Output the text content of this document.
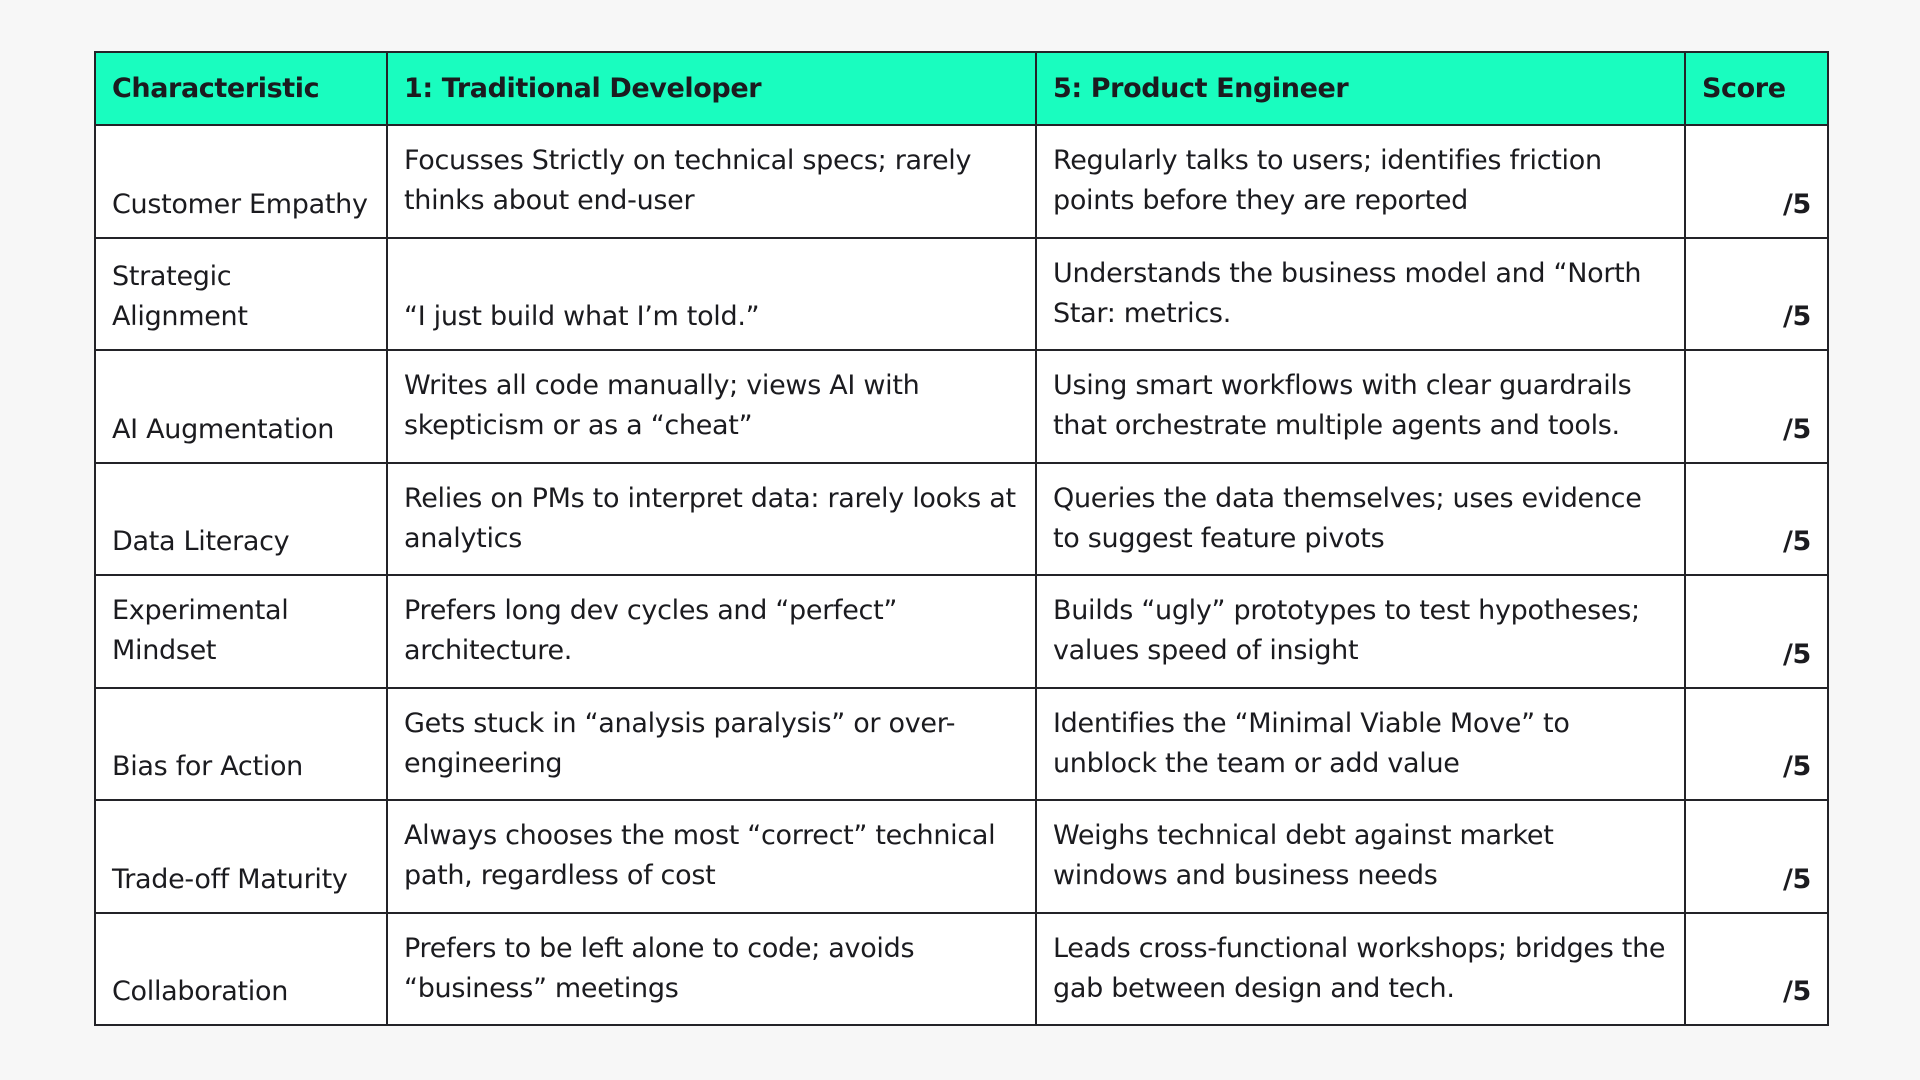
Characteristic	1: Traditional Developer	5: Product Engineer	Score
Customer Empathy	Focusses Strictly on technical specs; rarely thinks about end-user	Regularly talks to users; identifies friction points before they are reported	/5
Strategic Alignment	“I just build what I’m told.”	Understands the business model and “North Star: metrics.	/5
AI Augmentation	Writes all code manually; views AI with skepticism or as a “cheat”	Using smart workflows with clear guardrails that orchestrate multiple agents and tools.	/5
Data Literacy	Relies on PMs to interpret data: rarely looks at analytics	Queries the data themselves; uses evidence to suggest feature pivots	/5
Experimental Mindset	Prefers long dev cycles and “perfect” architecture.	Builds “ugly” prototypes to test hypotheses; values speed of insight	/5
Bias for Action	Gets stuck in “analysis paralysis” or over-engineering	Identifies the “Minimal Viable Move” to unblock the team or add value	/5
Trade-off Maturity	Always chooses the most “correct” technical path, regardless of cost	Weighs technical debt against market windows and business needs	/5
Collaboration	Prefers to be left alone to code; avoids “business” meetings	Leads cross-functional workshops; bridges the gab between design and tech.	/5
